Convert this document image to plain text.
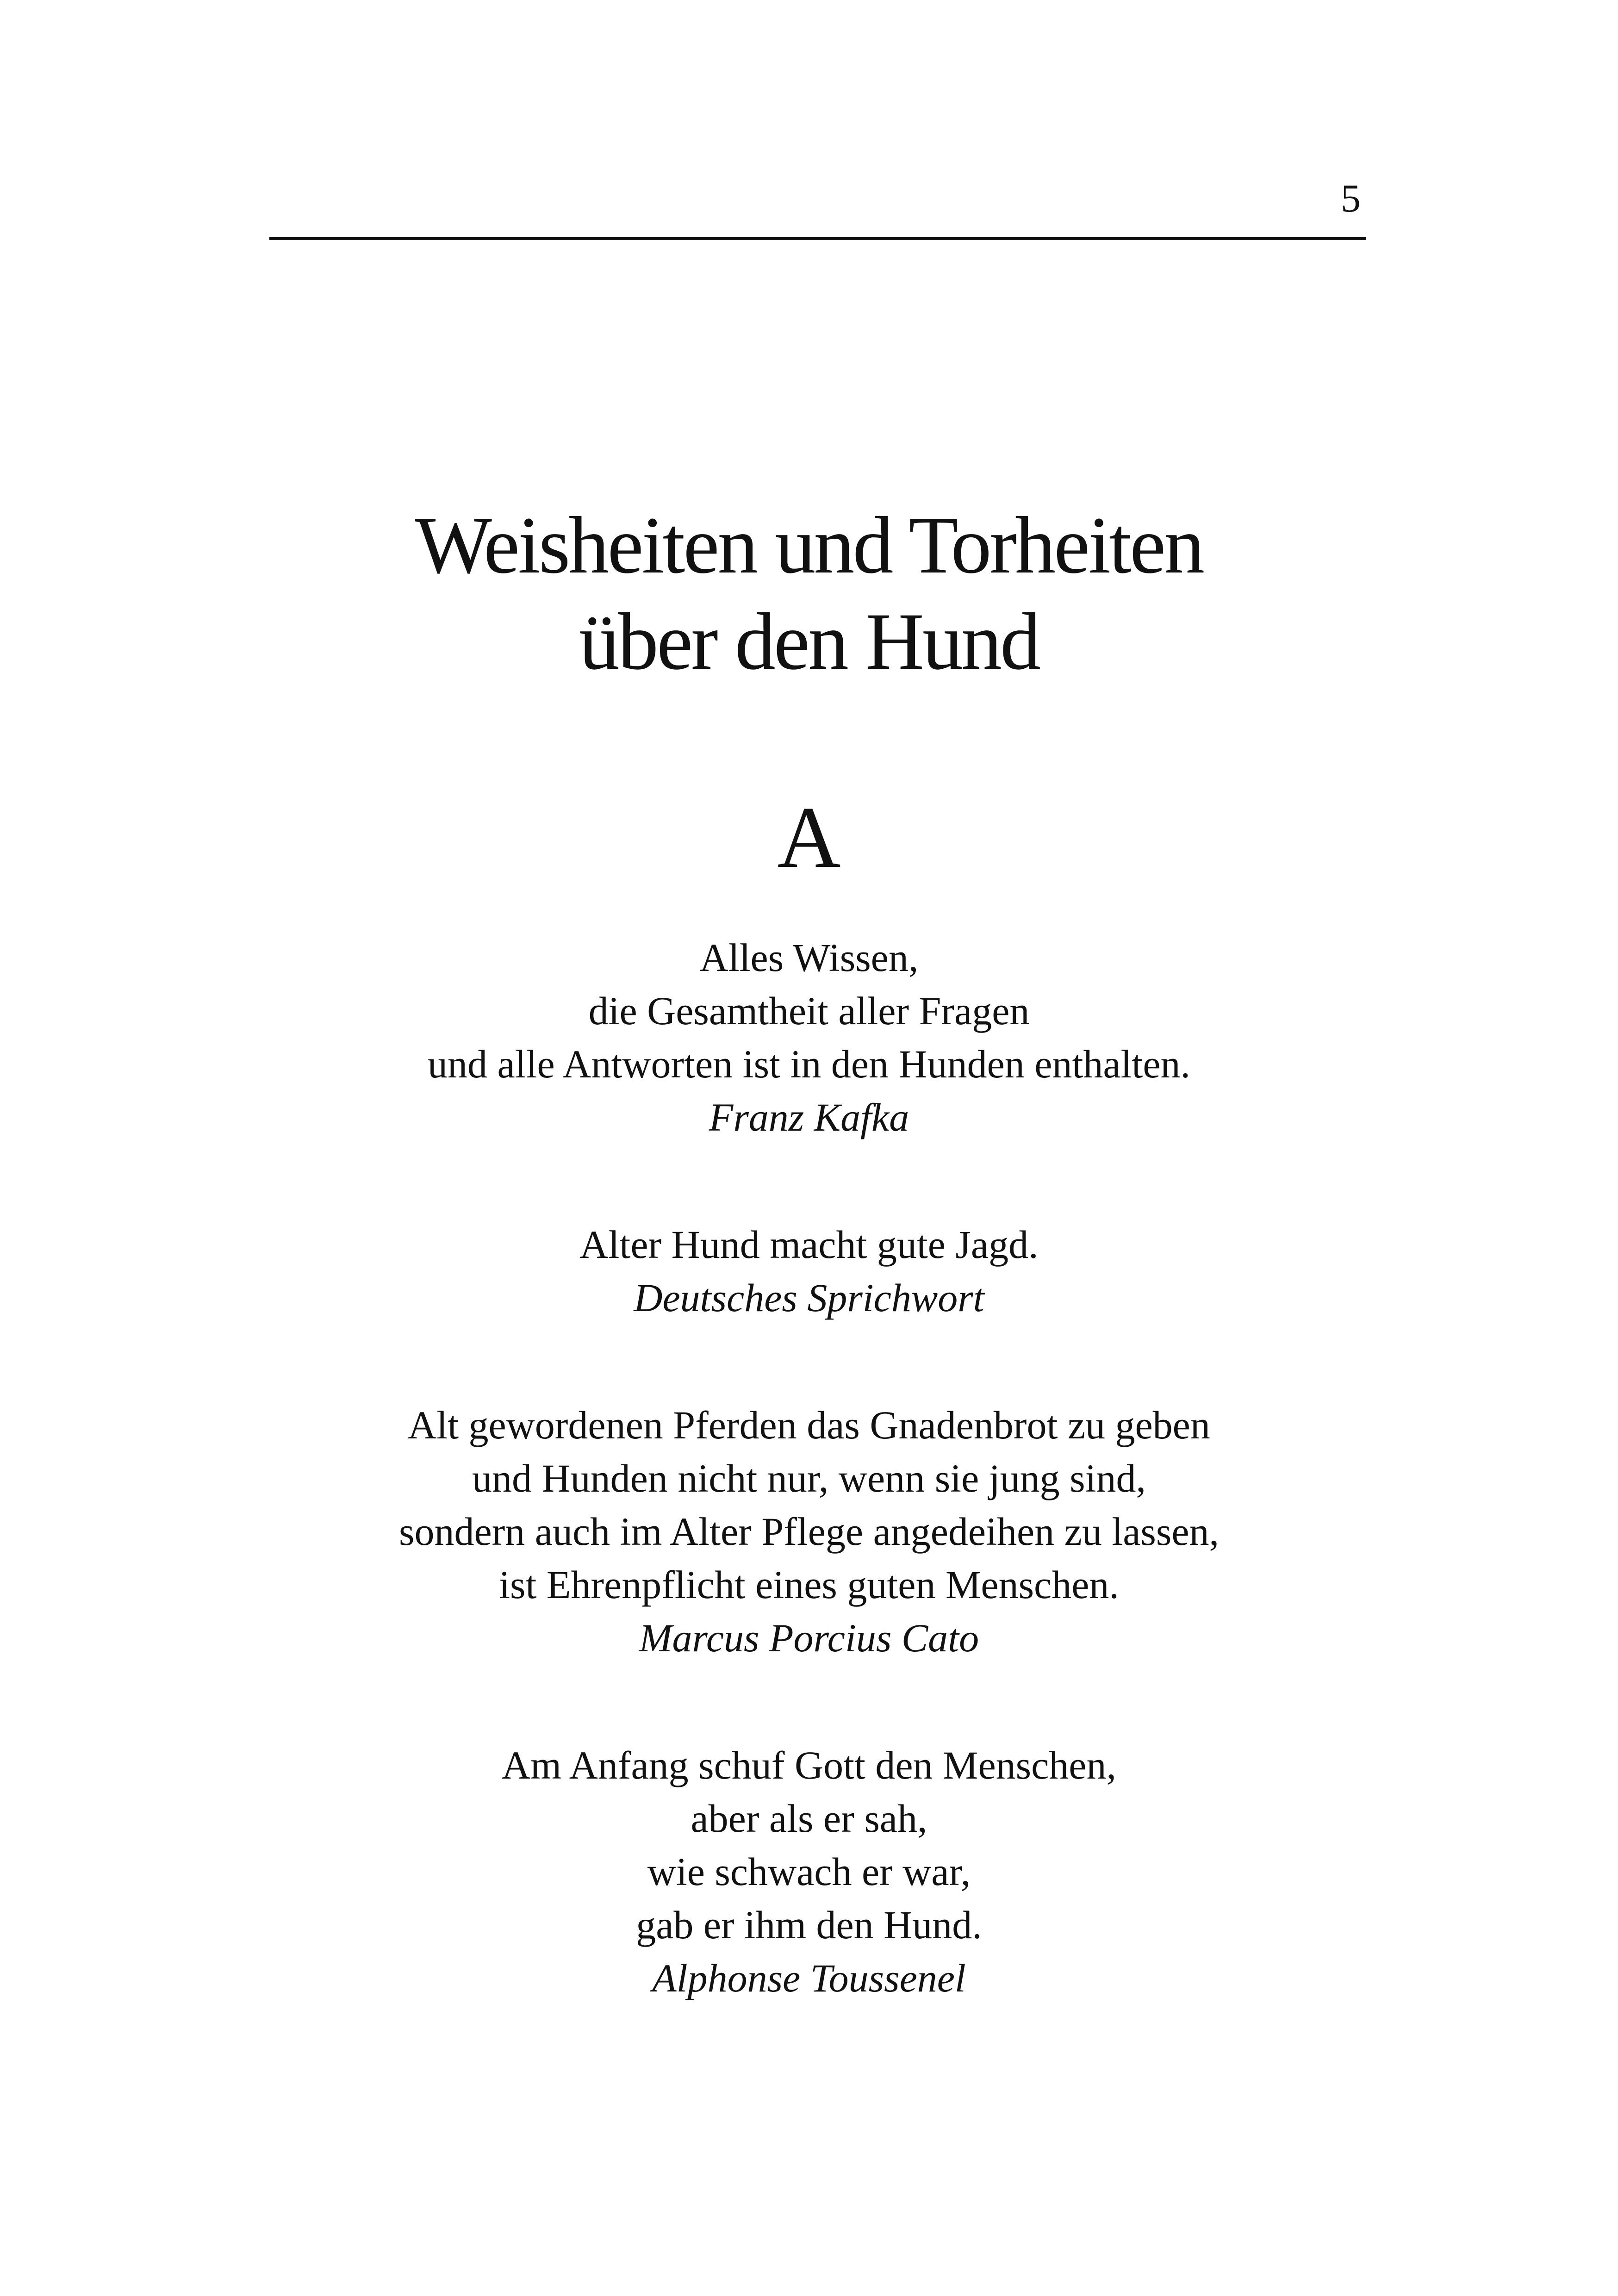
5
Weisheiten und Torheiten
über den Hund
A
Alles Wissen,
die Gesamtheit aller Fragen
und alle Antworten ist in den Hunden enthalten.
Franz Kafka
Alter Hund macht gute Jagd.
Deutsches Sprichwort
Alt gewordenen Pferden das Gnadenbrot zu geben
und Hunden nicht nur, wenn sie jung sind,
sondern auch im Alter Pflege angedeihen zu lassen,
ist Ehrenpflicht eines guten Menschen.
Marcus Porcius Cato
Am Anfang schuf Gott den Menschen,
aber als er sah,
wie schwach er war,
gab er ihm den Hund.
Alphonse Toussenel
